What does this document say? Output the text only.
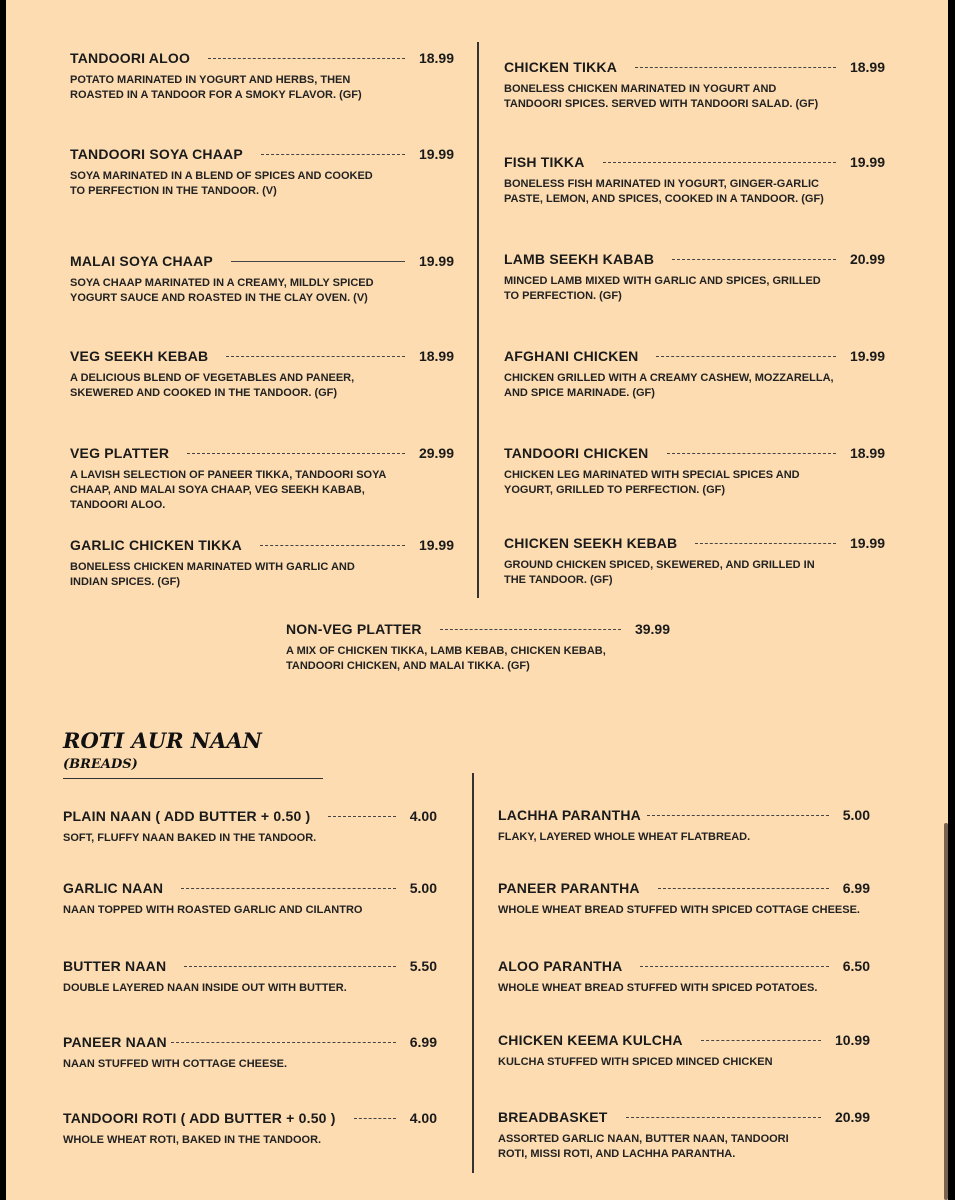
TANDOORI ALOO	18.99
POTATO MARINATED IN YOGURT AND HERBS, THEN ROASTED IN A TANDOOR FOR A SMOKY FLAVOR. (GF)
TANDOORI SOYA CHAAP	19.99
SOYA MARINATED IN A BLEND OF SPICES AND COOKED TO PERFECTION IN THE TANDOOR. (V)
MALAI SOYA CHAAP	19.99
SOYA CHAAP MARINATED IN A CREAMY, MILDLY SPICED YOGURT SAUCE AND ROASTED IN THE CLAY OVEN. (V)
VEG SEEKH KEBAB	18.99
A DELICIOUS BLEND OF VEGETABLES AND PANEER, SKEWERED AND COOKED IN THE TANDOOR. (GF)
VEG PLATTER	29.99
A LAVISH SELECTION OF PANEER TIKKA, TANDOORI SOYA CHAAP, AND MALAI SOYA CHAAP, VEG SEEKH KABAB, TANDOORI ALOO.
GARLIC CHICKEN TIKKA	19.99
BONELESS CHICKEN MARINATED WITH GARLIC AND INDIAN SPICES. (GF)
CHICKEN TIKKA	18.99
BONELESS CHICKEN MARINATED IN YOGURT AND TANDOORI SPICES. SERVED WITH TANDOORI SALAD. (GF)
FISH TIKKA	19.99
BONELESS FISH MARINATED IN YOGURT, GINGER-GARLIC PASTE, LEMON, AND SPICES, COOKED IN A TANDOOR. (GF)
LAMB SEEKH KABAB	20.99
MINCED LAMB MIXED WITH GARLIC AND SPICES, GRILLED TO PERFECTION. (GF)
AFGHANI CHICKEN	19.99
CHICKEN GRILLED WITH A CREAMY CASHEW, MOZZARELLA, AND SPICE MARINADE. (GF)
TANDOORI CHICKEN	18.99
CHICKEN LEG MARINATED WITH SPECIAL SPICES AND YOGURT, GRILLED TO PERFECTION. (GF)
CHICKEN SEEKH KEBAB	19.99
GROUND CHICKEN SPICED, SKEWERED, AND GRILLED IN THE TANDOOR. (GF)
NON-VEG PLATTER	39.99
A MIX OF CHICKEN TIKKA, LAMB KEBAB, CHICKEN KEBAB, TANDOORI CHICKEN, AND MALAI TIKKA. (GF)
ROTI AUR NAAN (BREADS)
PLAIN NAAN ( ADD BUTTER + 0.50 )	4.00
SOFT, FLUFFY NAAN BAKED IN THE TANDOOR.
GARLIC NAAN	5.00
NAAN TOPPED WITH ROASTED GARLIC AND CILANTRO
BUTTER NAAN	5.50
DOUBLE LAYERED NAAN INSIDE OUT WITH BUTTER.
PANEER NAAN	6.99
NAAN STUFFED WITH COTTAGE CHEESE.
TANDOORI ROTI ( ADD BUTTER + 0.50 )	4.00
WHOLE WHEAT ROTI, BAKED IN THE TANDOOR.
LACHHA PARANTHA	5.00
FLAKY, LAYERED WHOLE WHEAT FLATBREAD.
PANEER PARANTHA	6.99
WHOLE WHEAT BREAD STUFFED WITH SPICED COTTAGE CHEESE.
ALOO PARANTHA	6.50
WHOLE WHEAT BREAD STUFFED WITH SPICED POTATOES.
CHICKEN KEEMA KULCHA	10.99
KULCHA STUFFED WITH SPICED MINCED CHICKEN
BREADBASKET	20.99
ASSORTED GARLIC NAAN, BUTTER NAAN, TANDOORI ROTI, MISSI ROTI, AND LACHHA PARANTHA.
